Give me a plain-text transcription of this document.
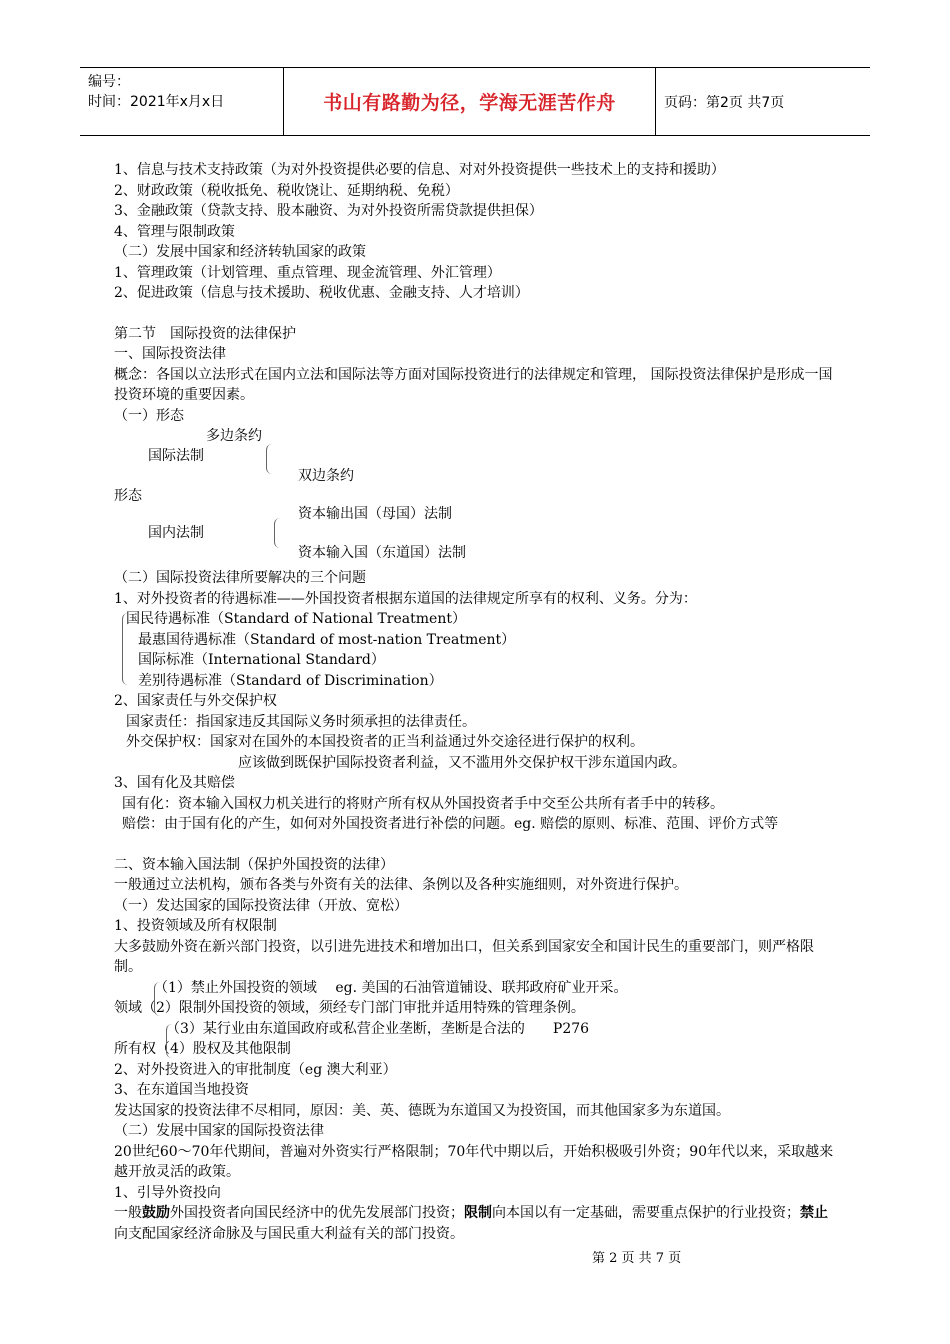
编号：
时间：2021年x月x日	书山有路勤为径，学海无涯苦作舟	页码：第2页 共7页

1、信息与技术支持政策（为对外投资提供必要的信息、对对外投资提供一些技术上的支持和援助）

2、财政政策（税收抵免、税收饶让、延期纳税、免税）

3、金融政策（贷款支持、股本融资、为对外投资所需贷款提供担保）

4、管理与限制政策

（二）发展中国家和经济转轨国家的政策

1、管理政策（计划管理、重点管理、现金流管理、外汇管理）

2、促进政策（信息与技术援助、税收优惠、金融支持、人才培训）

第二节　国际投资的法律保护

一、国际投资法律

概念：各国以立法形式在国内立法和国际法等方面对国际投资进行的法律规定和管理， 国际投资法律保护是形成一国投资环境的重要因素。

（一）形态

多边条约
国际法制
双边条约
形态
资本输出国（母国）法制
国内法制
资本输入国（东道国）法制

（二）国际投资法律所要解决的三个问题

1、对外投资者的待遇标准——外国投资者根据东道国的法律规定所享有的权利、义务。分为：

国民待遇标准（Standard of National Treatment）

最惠国待遇标准（Standard of most-nation Treatment）

国际标准（International Standard）

差别待遇标准（Standard of Discrimination）

2、国家责任与外交保护权

国家责任：指国家违反其国际义务时须承担的法律责任。

外交保护权：国家对在国外的本国投资者的正当利益通过外交途径进行保护的权利。

应该做到既保护国际投资者利益，又不滥用外交保护权干涉东道国内政。

3、国有化及其赔偿

国有化：资本输入国权力机关进行的将财产所有权从外国投资者手中交至公共所有者手中的转移。

赔偿：由于国有化的产生，如何对外国投资者进行补偿的问题。eg. 赔偿的原则、标准、范围、评价方式等

二、资本输入国法制（保护外国投资的法律）

一般通过立法机构，颁布各类与外资有关的法律、条例以及各种实施细则，对外资进行保护。

（一）发达国家的国际投资法律（开放、宽松）

1、投资领域及所有权限制

大多鼓励外资在新兴部门投资，以引进先进技术和增加出口，但关系到国家安全和国计民生的重要部门，则严格限制。

（1）禁止外国投资的领域　 eg. 美国的石油管道铺设、联邦政府矿业开采。

领域（2）限制外国投资的领域，须经专门部门审批并适用特殊的管理条例。

（3）某行业由东道国政府或私营企业垄断，垄断是合法的　　P276

所有权（4）股权及其他限制

2、对外投资进入的审批制度（eg 澳大利亚）

3、在东道国当地投资

发达国家的投资法律不尽相同，原因：美、英、德既为东道国又为投资国，而其他国家多为东道国。

（二）发展中国家的国际投资法律

20世纪60～70年代期间，普遍对外资实行严格限制；70年代中期以后，开始积极吸引外资；90年代以来，采取越来越开放灵活的政策。

1、引导外资投向

一般鼓励外国投资者向国民经济中的优先发展部门投资；限制向本国以有一定基础，需要重点保护的行业投资；禁止向支配国家经济命脉及与国民重大利益有关的部门投资。

第 2 页 共 7 页
